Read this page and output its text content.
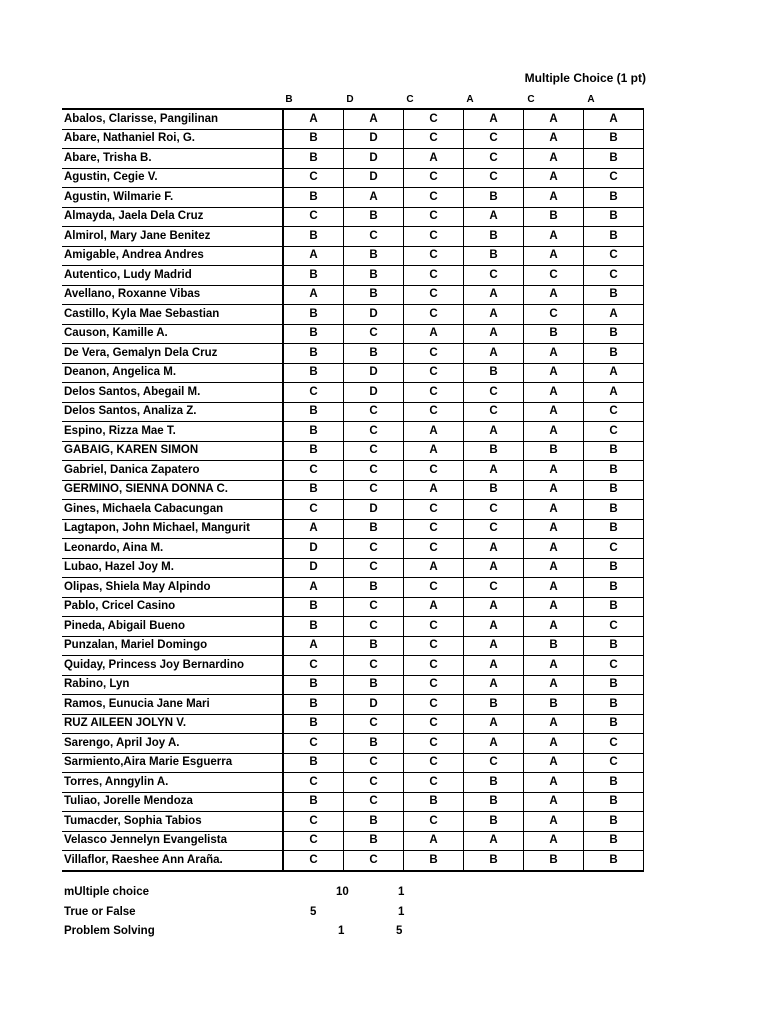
Multiple Choice (1 pt)
B	D	C	A	C	A
Abalos, Clarisse, Pangilinan	A	A	C	A	A	A
Abare, Nathaniel Roi, G.	B	D	C	C	A	B
Abare, Trisha B.	B	D	A	C	A	B
Agustin, Cegie V.	C	D	C	C	A	C
Agustin, Wilmarie F.	B	A	C	B	A	B
Almayda, Jaela Dela Cruz	C	B	C	A	B	B
Almirol, Mary Jane Benitez	B	C	C	B	A	B
Amigable, Andrea Andres	A	B	C	B	A	C
Autentico, Ludy Madrid	B	B	C	C	C	C
Avellano, Roxanne Vibas	A	B	C	A	A	B
Castillo, Kyla Mae Sebastian	B	D	C	A	C	A
Causon, Kamille A.	B	C	A	A	B	B
De Vera, Gemalyn Dela Cruz	B	B	C	A	A	B
Deanon, Angelica M.	B	D	C	B	A	A
Delos Santos, Abegail M.	C	D	C	C	A	A
Delos Santos, Analiza Z.	B	C	C	C	A	C
Espino, Rizza Mae T.	B	C	A	A	A	C
GABAIG, KAREN SIMON	B	C	A	B	B	B
Gabriel, Danica Zapatero	C	C	C	A	A	B
GERMINO, SIENNA DONNA C.	B	C	A	B	A	B
Gines, Michaela Cabacungan	C	D	C	C	A	B
Lagtapon, John Michael, Mangurit	A	B	C	C	A	B
Leonardo, Aina M.	D	C	C	A	A	C
Lubao, Hazel Joy M.	D	C	A	A	A	B
Olipas, Shiela May Alpindo	A	B	C	C	A	B
Pablo, Cricel Casino	B	C	A	A	A	B
Pineda, Abigail Bueno	B	C	C	A	A	C
Punzalan, Mariel Domingo	A	B	C	A	B	B
Quiday, Princess Joy Bernardino	C	C	C	A	A	C
Rabino, Lyn	B	B	C	A	A	B
Ramos, Eunucia Jane Mari	B	D	C	B	B	B
RUZ AILEEN JOLYN V.	B	C	C	A	A	B
Sarengo, April Joy A.	C	B	C	A	A	C
Sarmiento,Aira Marie Esguerra	B	C	C	C	A	C
Torres, Anngylin A.	C	C	C	B	A	B
Tuliao, Jorelle Mendoza	B	C	B	B	A	B
Tumacder, Sophia Tabios	C	B	C	B	A	B
Velasco Jennelyn Evangelista	C	B	A	A	A	B
Villaflor, Raeshee Ann Araña.	C	C	B	B	B	B
mUltiple choice	10	1
True or False	5	1
Problem Solving	1	5
